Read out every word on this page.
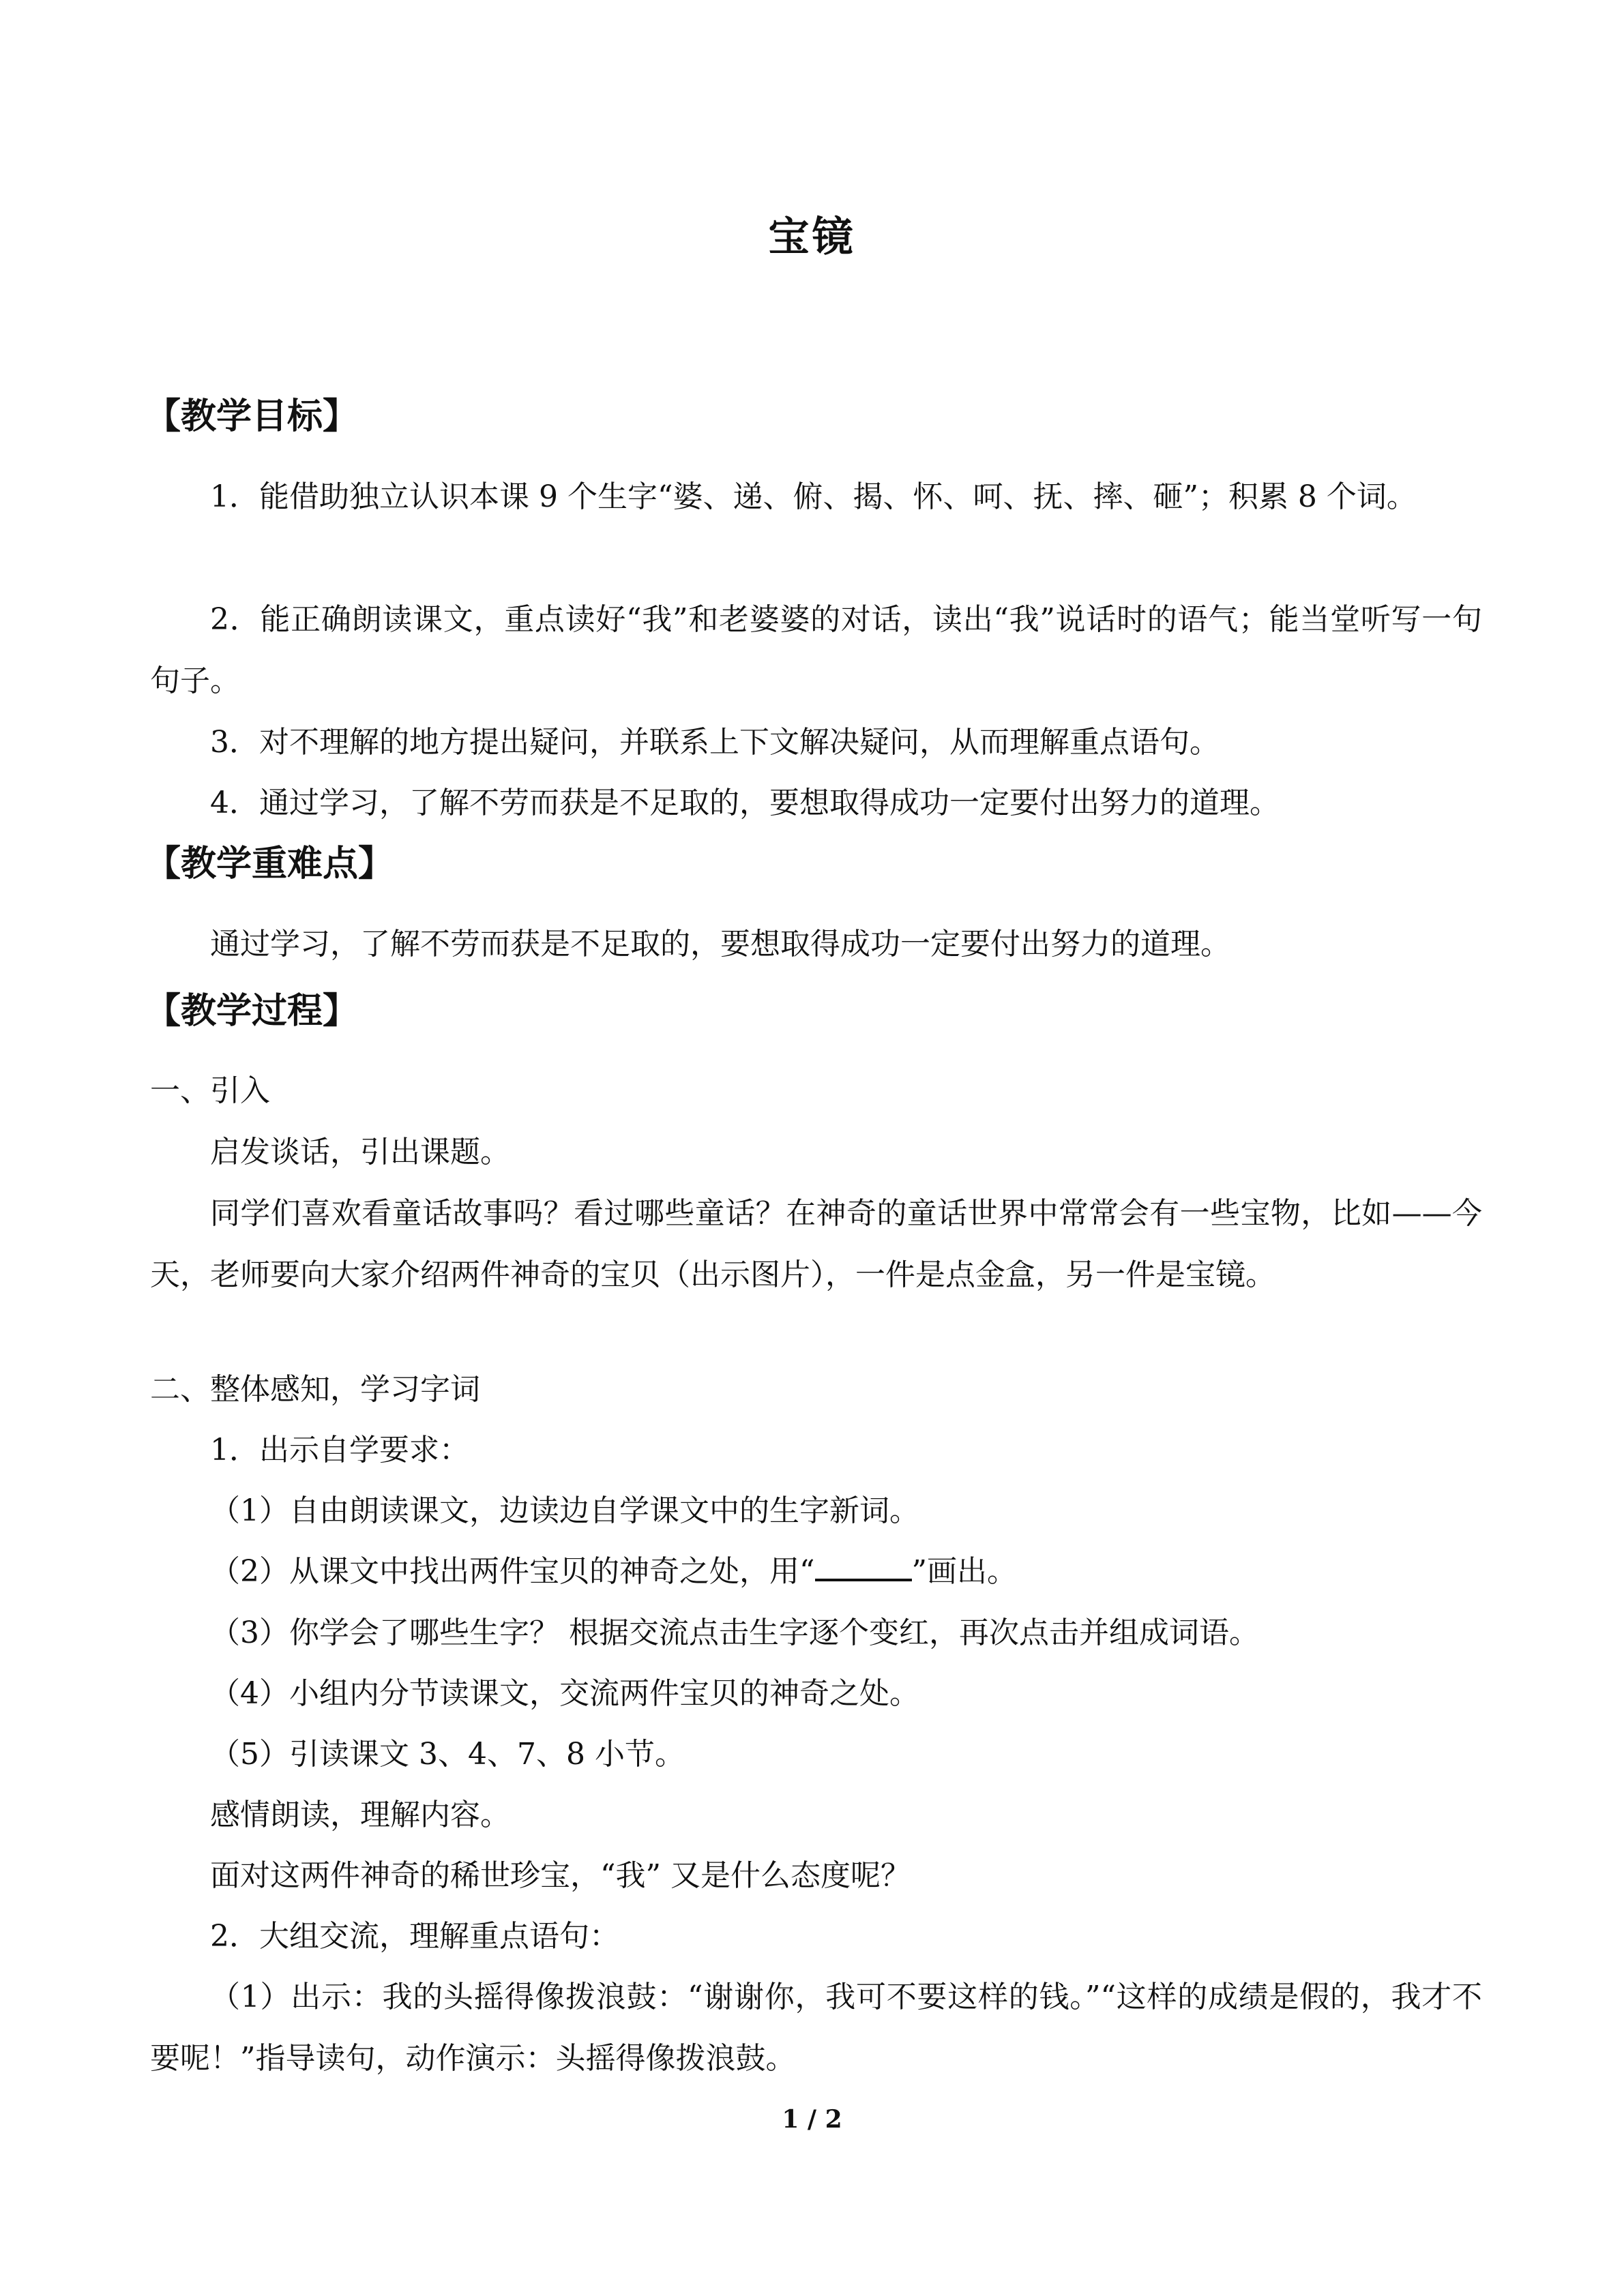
宝镜
【教学目标】

1．能借助独立认识本课 9 个生字“婆、递、俯、揭、怀、呵、抚、摔、砸”；积累 8 个词。

2．能正确朗读课文，重点读好“我”和老婆婆的对话，读出“我”说话时的语气；能当堂听写一句句子。

3．对不理解的地方提出疑问，并联系上下文解决疑问，从而理解重点语句。

4．通过学习，了解不劳而获是不足取的，要想取得成功一定要付出努力的道理。

【教学重难点】

通过学习，了解不劳而获是不足取的，要想取得成功一定要付出努力的道理。

【教学过程】
一、引入
启发谈话，引出课题。

同学们喜欢看童话故事吗？看过哪些童话？在神奇的童话世界中常常会有一些宝物，比如——今天，老师要向大家介绍两件神奇的宝贝（出示图片），一件是点金盒，另一件是宝镜。

二、整体感知，学习字词
1．出示自学要求：
（1）自由朗读课文，边读边自学课文中的生字新词。
（2）从课文中找出两件宝贝的神奇之处，用“	”画出。
（3）你学会了哪些生字？ 根据交流点击生字逐个变红，再次点击并组成词语。
（4）小组内分节读课文，交流两件宝贝的神奇之处。
（5）引读课文 3、4、7、8 小节。
感情朗读，理解内容。
面对这两件神奇的稀世珍宝，“我” 又是什么态度呢？
2．大组交流，理解重点语句：

（1）出示：我的头摇得像拨浪鼓：“谢谢你，我可不要这样的钱。”“这样的成绩是假的，我才不要呢！”指导读句，动作演示：头摇得像拨浪鼓。

1 / 2
